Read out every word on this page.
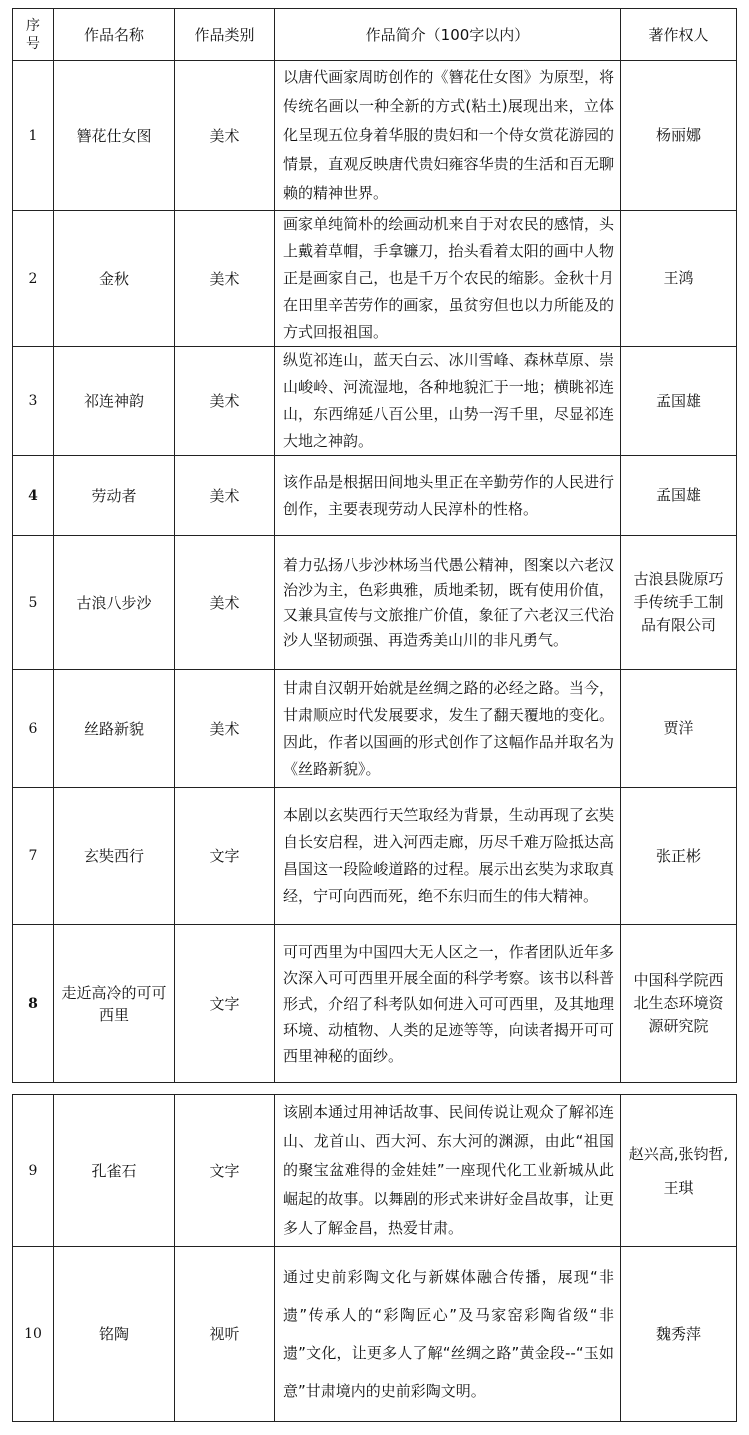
序号	作品名称	作品类别	作品简介（100字以内）	著作权人
1	簪花仕女图	美术	以唐代画家周昉创作的《簪花仕女图》为原型，将传统名画以一种全新的方式(粘土)展现出来，立体化呈现五位身着华服的贵妇和一个侍女赏花游园的情景，直观反映唐代贵妇雍容华贵的生活和百无聊赖的精神世界。	杨丽娜
2	金秋	美术	画家单纯简朴的绘画动机来自于对农民的感情，头上戴着草帽，手拿镰刀，抬头看着太阳的画中人物正是画家自己，也是千万个农民的缩影。金秋十月在田里辛苦劳作的画家，虽贫穷但也以力所能及的方式回报祖国。	王鸿
3	祁连神韵	美术	纵览祁连山，蓝天白云、冰川雪峰、森林草原、崇山峻岭、河流湿地，各种地貌汇于一地；横眺祁连山，东西绵延八百公里，山势一泻千里，尽显祁连大地之神韵。	孟国雄
4	劳动者	美术	该作品是根据田间地头里正在辛勤劳作的人民进行创作，主要表现劳动人民淳朴的性格。	孟国雄
5	古浪八步沙	美术	着力弘扬八步沙林场当代愚公精神，图案以六老汉治沙为主，色彩典雅，质地柔韧，既有使用价值，又兼具宣传与文旅推广价值，象征了六老汉三代治沙人坚韧顽强、再造秀美山川的非凡勇气。	古浪县陇原巧手传统手工制品有限公司
6	丝路新貌	美术	甘肃自汉朝开始就是丝绸之路的必经之路。当今，甘肃顺应时代发展要求，发生了翻天覆地的变化。因此，作者以国画的形式创作了这幅作品并取名为《丝路新貌》。	贾洋
7	玄奘西行	文字	本剧以玄奘西行天竺取经为背景，生动再现了玄奘自长安启程，进入河西走廊，历尽千难万险抵达高昌国这一段险峻道路的过程。展示出玄奘为求取真经，宁可向西而死，绝不东归而生的伟大精神。	张正彬
8	走近高冷的可可西里	文字	可可西里为中国四大无人区之一，作者团队近年多次深入可可西里开展全面的科学考察。该书以科普形式，介绍了科考队如何进入可可西里，及其地理环境、动植物、人类的足迹等等，向读者揭开可可西里神秘的面纱。	中国科学院西北生态环境资源研究院
9	孔雀石	文字	该剧本通过用神话故事、民间传说让观众了解祁连山、龙首山、西大河、东大河的渊源，由此“祖国的聚宝盆难得的金娃娃”一座现代化工业新城从此崛起的故事。以舞剧的形式来讲好金昌故事，让更多人了解金昌，热爱甘肃。	赵兴高,张钧哲,王琪
10	铭陶	视听	通过史前彩陶文化与新媒体融合传播，展现“非遗”传承人的“彩陶匠心”及马家窑彩陶省级“非遗”文化，让更多人了解“丝绸之路”黄金段--“玉如意”甘肃境内的史前彩陶文明。	魏秀萍
